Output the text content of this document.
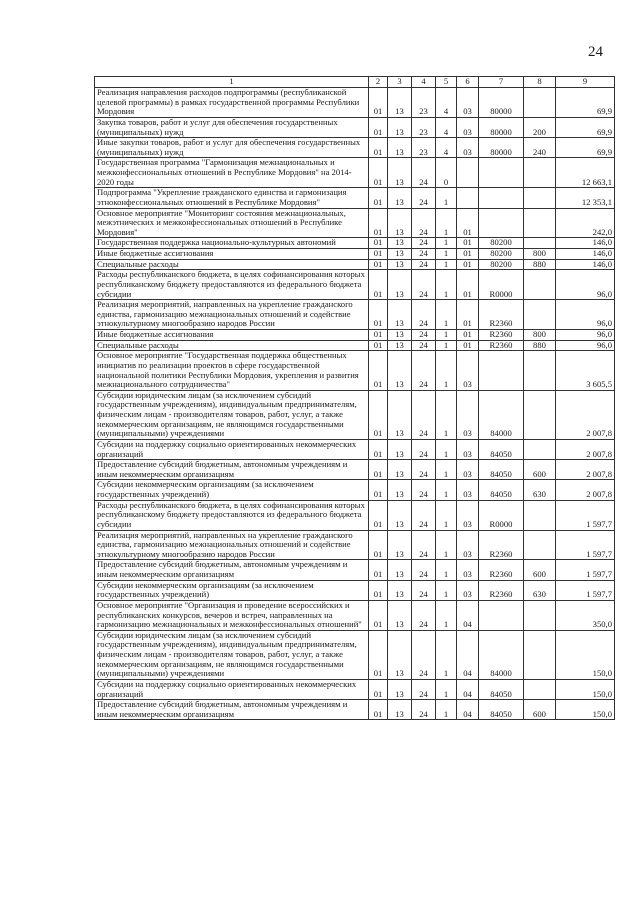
24
1	2	3	4	5	6	7	8	9
Реализация направления расходов подпрограммы (республиканской целевой программы) в рамках государственной программы Республики Мордовия	01	13	23	4	03	80000		69,9
Закупка товаров, работ и услуг для обеспечения государственных (муниципальных) нужд	01	13	23	4	03	80000	200	69,9
Иные закупки товаров, работ и услуг для обеспечения государственных (муниципальных) нужд	01	13	23	4	03	80000	240	69,9
Государственная программа "Гармонизация межнациональных и межконфессиональных отношений в Республике Мордовия" на 2014-2020 годы	01	13	24	0				12 663,1
Подпрограмма "Укрепление гражданского единства и гармонизация этноконфессиональных отношений в Республике Мордовия"	01	13	24	1				12 353,1
Основное мероприятие "Мониторинг состояния межнациональных, межэтнических и межконфессиональных отношений в Республике Мордовия"	01	13	24	1	01			242,0
Государственная поддержка национально-культурных автономий	01	13	24	1	01	80200		146,0
Иные бюджетные ассигнования	01	13	24	1	01	80200	800	146,0
Специальные расходы	01	13	24	1	01	80200	880	146,0
Расходы республиканского бюджета, в целях софинансирования которых республиканскому бюджету предоставляются из федерального бюджета субсидии	01	13	24	1	01	R0000		96,0
Реализация мероприятий, направленных на укрепление гражданского единства, гармонизацию межнациональных отношений и содействие этнокультурному многообразию народов России	01	13	24	1	01	R2360		96,0
Иные бюджетные ассигнования	01	13	24	1	01	R2360	800	96,0
Специальные расходы	01	13	24	1	01	R2360	880	96,0
Основное мероприятие "Государственная поддержка общественных инициатив по реализации проектов в сфере государственной национальной политики Республики Мордовия, укрепления и развития межнационального сотрудничества"	01	13	24	1	03			3 605,5
Субсидии юридическим лицам (за исключением субсидий государственным учреждениям), индивидуальным предпринимателям, физическим лицам - производителям товаров, работ, услуг, а также некоммерческим организациям, не являющимся государственными (муниципальными) учреждениями	01	13	24	1	03	84000		2 007,8
Субсидии на поддержку социально ориентированных некоммерческих организаций	01	13	24	1	03	84050		2 007,8
Предоставление субсидий бюджетным, автономным учреждениям и иным некоммерческим организациям	01	13	24	1	03	84050	600	2 007,8
Субсидии некоммерческим организациям (за исключением государственных учреждений)	01	13	24	1	03	84050	630	2 007,8
Расходы республиканского бюджета, в целях софинансирования которых республиканскому бюджету предоставляются из федерального бюджета субсидии	01	13	24	1	03	R0000		1 597,7
Реализация мероприятий, направленных на укрепление гражданского единства, гармонизацию межнациональных отношений и содействие этнокультурному многообразию народов России	01	13	24	1	03	R2360		1 597,7
Предоставление субсидий бюджетным, автономным учреждениям и иным некоммерческим организациям	01	13	24	1	03	R2360	600	1 597,7
Субсидии некоммерческим организациям (за исключением государственных учреждений)	01	13	24	1	03	R2360	630	1 597,7
Основное мероприятие "Организация и проведение всероссийских и республиканских конкурсов, вечеров и встреч, направленных на гармонизацию межнациональных и межконфессиональных отношений"	01	13	24	1	04			350,0
Субсидии юридическим лицам (за исключением субсидий государственным учреждениям), индивидуальным предпринимателям, физическим лицам - производителям товаров, работ, услуг, а также некоммерческим организациям, не являющимся государственными (муниципальными) учреждениями	01	13	24	1	04	84000		150,0
Субсидии на поддержку социально ориентированных некоммерческих организаций	01	13	24	1	04	84050		150,0
Предоставление субсидий бюджетным, автономным учреждениям и иным некоммерческим организациям	01	13	24	1	04	84050	600	150,0
